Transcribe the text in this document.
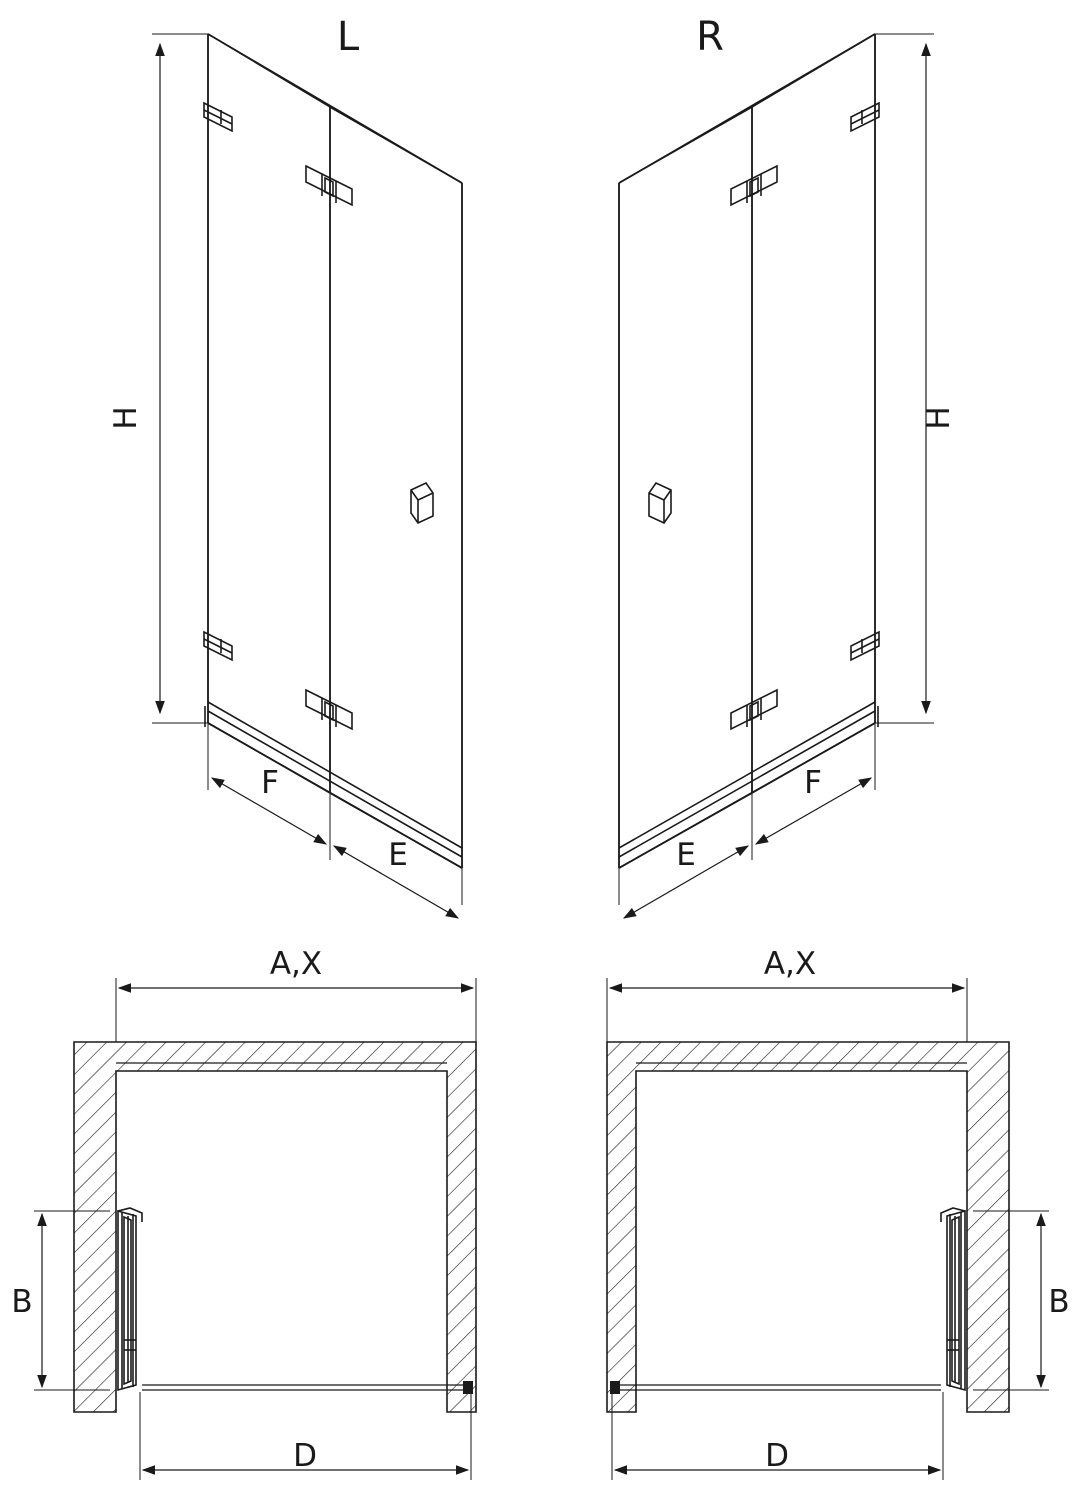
L	R
H	H
F
E
F
E
A,X	A,X
B	B
D	D
